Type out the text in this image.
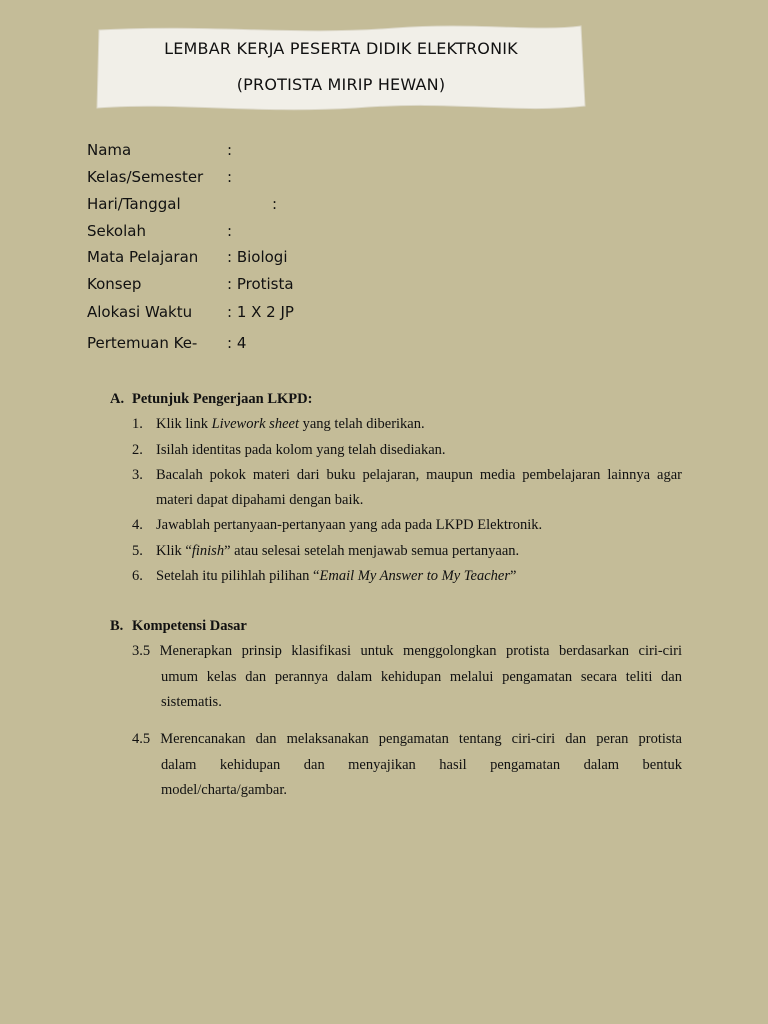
LEMBAR KERJA PESERTA DIDIK ELEKTRONIK
(PROTISTA MIRIP HEWAN)
Nama	:
Kelas/Semester :
Hari/Tanggal	:
Sekolah	:
Mata Pelajaran : Biologi
Konsep	: Protista
Alokasi Waktu : 1 X 2 JP
Pertemuan Ke- : 4
A. Petunjuk Pengerjaan LKPD:
1. Klik link Livework sheet yang telah diberikan.
2. Isilah identitas pada kolom yang telah disediakan.
3. Bacalah pokok materi dari buku pelajaran, maupun media pembelajaran lainnya agar
materi dapat dipahami dengan baik.
4. Jawablah pertanyaan-pertanyaan yang ada pada LKPD Elektronik.
5. Klik “finish” atau selesai setelah menjawab semua pertanyaan.
6. Setelah itu pilihlah pilihan “Email My Answer to My Teacher”
B. Kompetensi Dasar
3.5 Menerapkan prinsip klasifikasi untuk menggolongkan protista berdasarkan ciri-ciri
umum kelas dan perannya dalam kehidupan melalui pengamatan secara teliti dan
sistematis.
4.5 Merencanakan dan melaksanakan pengamatan tentang ciri-ciri dan peran protista
dalam kehidupan dan menyajikan hasil pengamatan dalam bentuk
model/charta/gambar.
